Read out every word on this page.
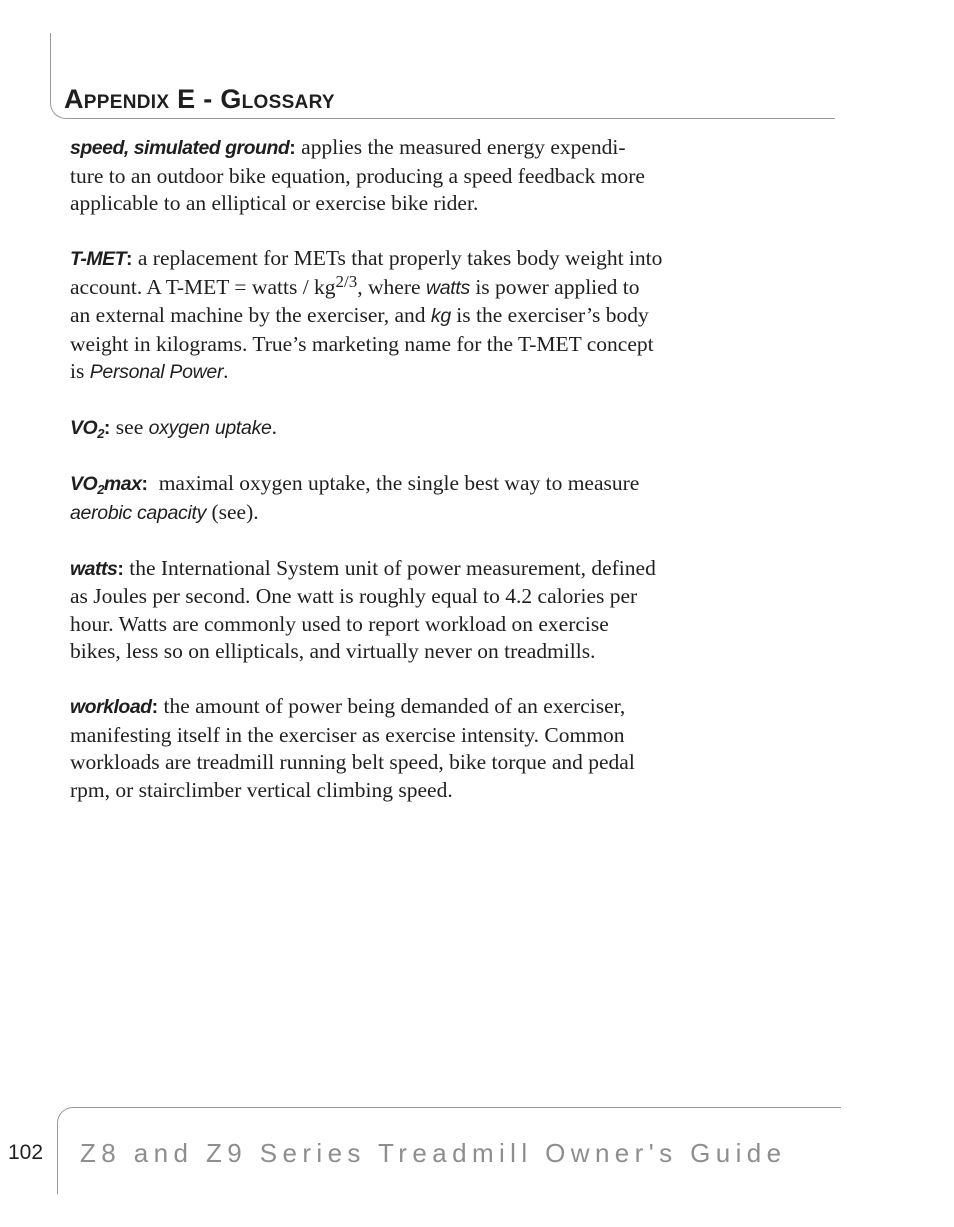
Appendix E - Glossary

speed, simulated ground: applies the measured energy expendi-
ture to an outdoor bike equation, producing a speed feedback more
applicable to an elliptical or exercise bike rider.

T-MET: a replacement for METs that properly takes body weight into
account. A T-MET = watts / $kg^{2/3}$, where watts is power applied to
an external machine by the exerciser, and kg is the exerciser’s body
weight in kilograms. True’s marketing name for the T-MET concept
is Personal Power.

$VO_2$: see oxygen uptake.

$VO_2\max$:  maximal oxygen uptake, the single best way to measure
aerobic capacity (see).

watts: the International System unit of power measurement, defined
as Joules per second. One watt is roughly equal to 4.2 calories per
hour. Watts are commonly used to report workload on exercise
bikes, less so on ellipticals, and virtually never on treadmills.

workload: the amount of power being demanded of an exerciser,
manifesting itself in the exerciser as exercise intensity. Common
workloads are treadmill running belt speed, bike torque and pedal
rpm, or stairclimber vertical climbing speed.

102 Z8 and Z9 Series Treadmill Owner's Guide
